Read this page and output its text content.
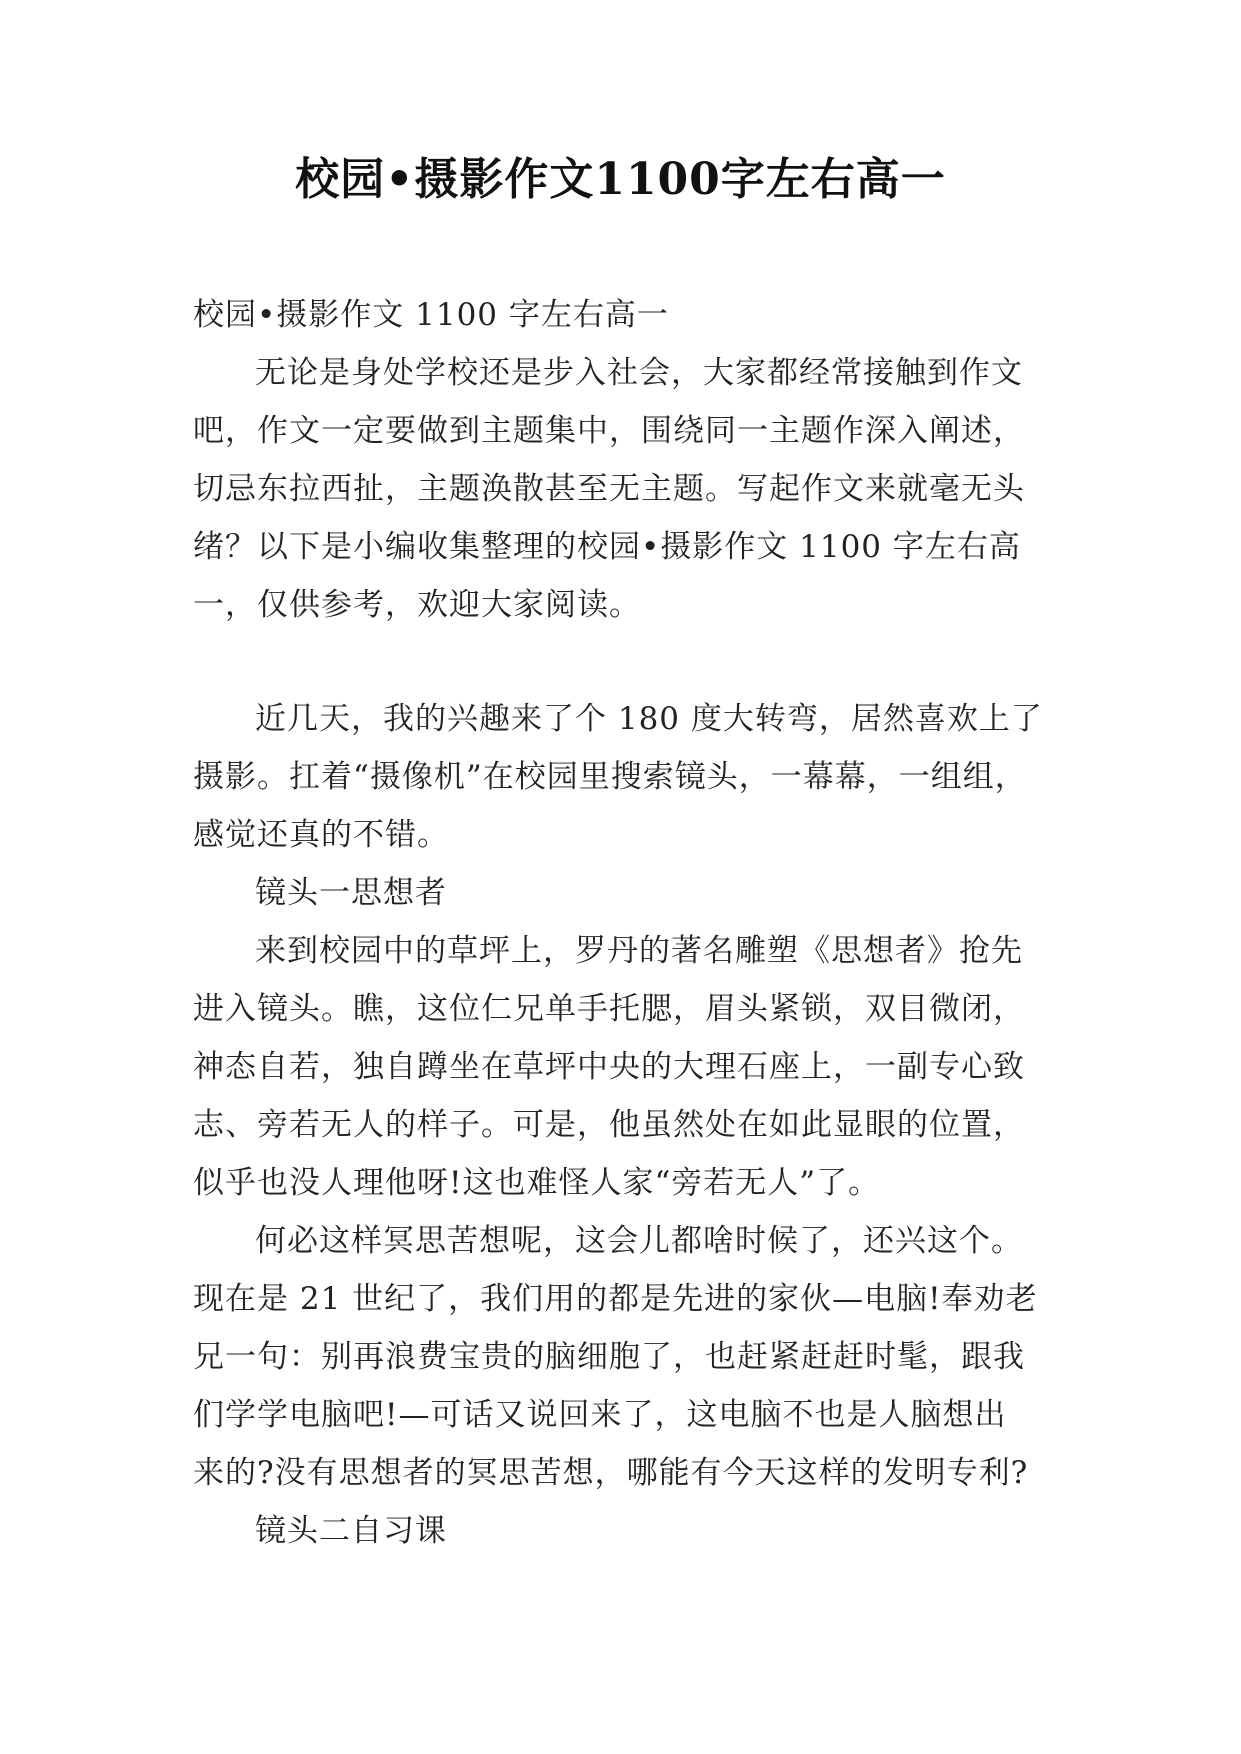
校园•摄影作文1100字左右高一

校园•摄影作文 1100 字左右高一

无论是身处学校还是步入社会，大家都经常接触到作文

吧，作文一定要做到主题集中，围绕同一主题作深入阐述，

切忌东拉西扯，主题涣散甚至无主题。写起作文来就毫无头

绪？以下是小编收集整理的校园•摄影作文 1100 字左右高

一，仅供参考，欢迎大家阅读。

近几天，我的兴趣来了个 180 度大转弯，居然喜欢上了

摄影。扛着“摄像机”在校园里搜索镜头，一幕幕，一组组，

感觉还真的不错。

镜头一思想者

来到校园中的草坪上，罗丹的著名雕塑《思想者》抢先

进入镜头。瞧，这位仁兄单手托腮，眉头紧锁，双目微闭，

神态自若，独自蹲坐在草坪中央的大理石座上，一副专心致

志、旁若无人的样子。可是，他虽然处在如此显眼的位置，

似乎也没人理他呀!这也难怪人家“旁若无人”了。

何必这样冥思苦想呢，这会儿都啥时候了，还兴这个。

现在是 21 世纪了，我们用的都是先进的家伙—电脑!奉劝老

兄一句：别再浪费宝贵的脑细胞了，也赶紧赶赶时髦，跟我

们学学电脑吧!—可话又说回来了，这电脑不也是人脑想出

来的?没有思想者的冥思苦想，哪能有今天这样的发明专利?

镜头二自习课
